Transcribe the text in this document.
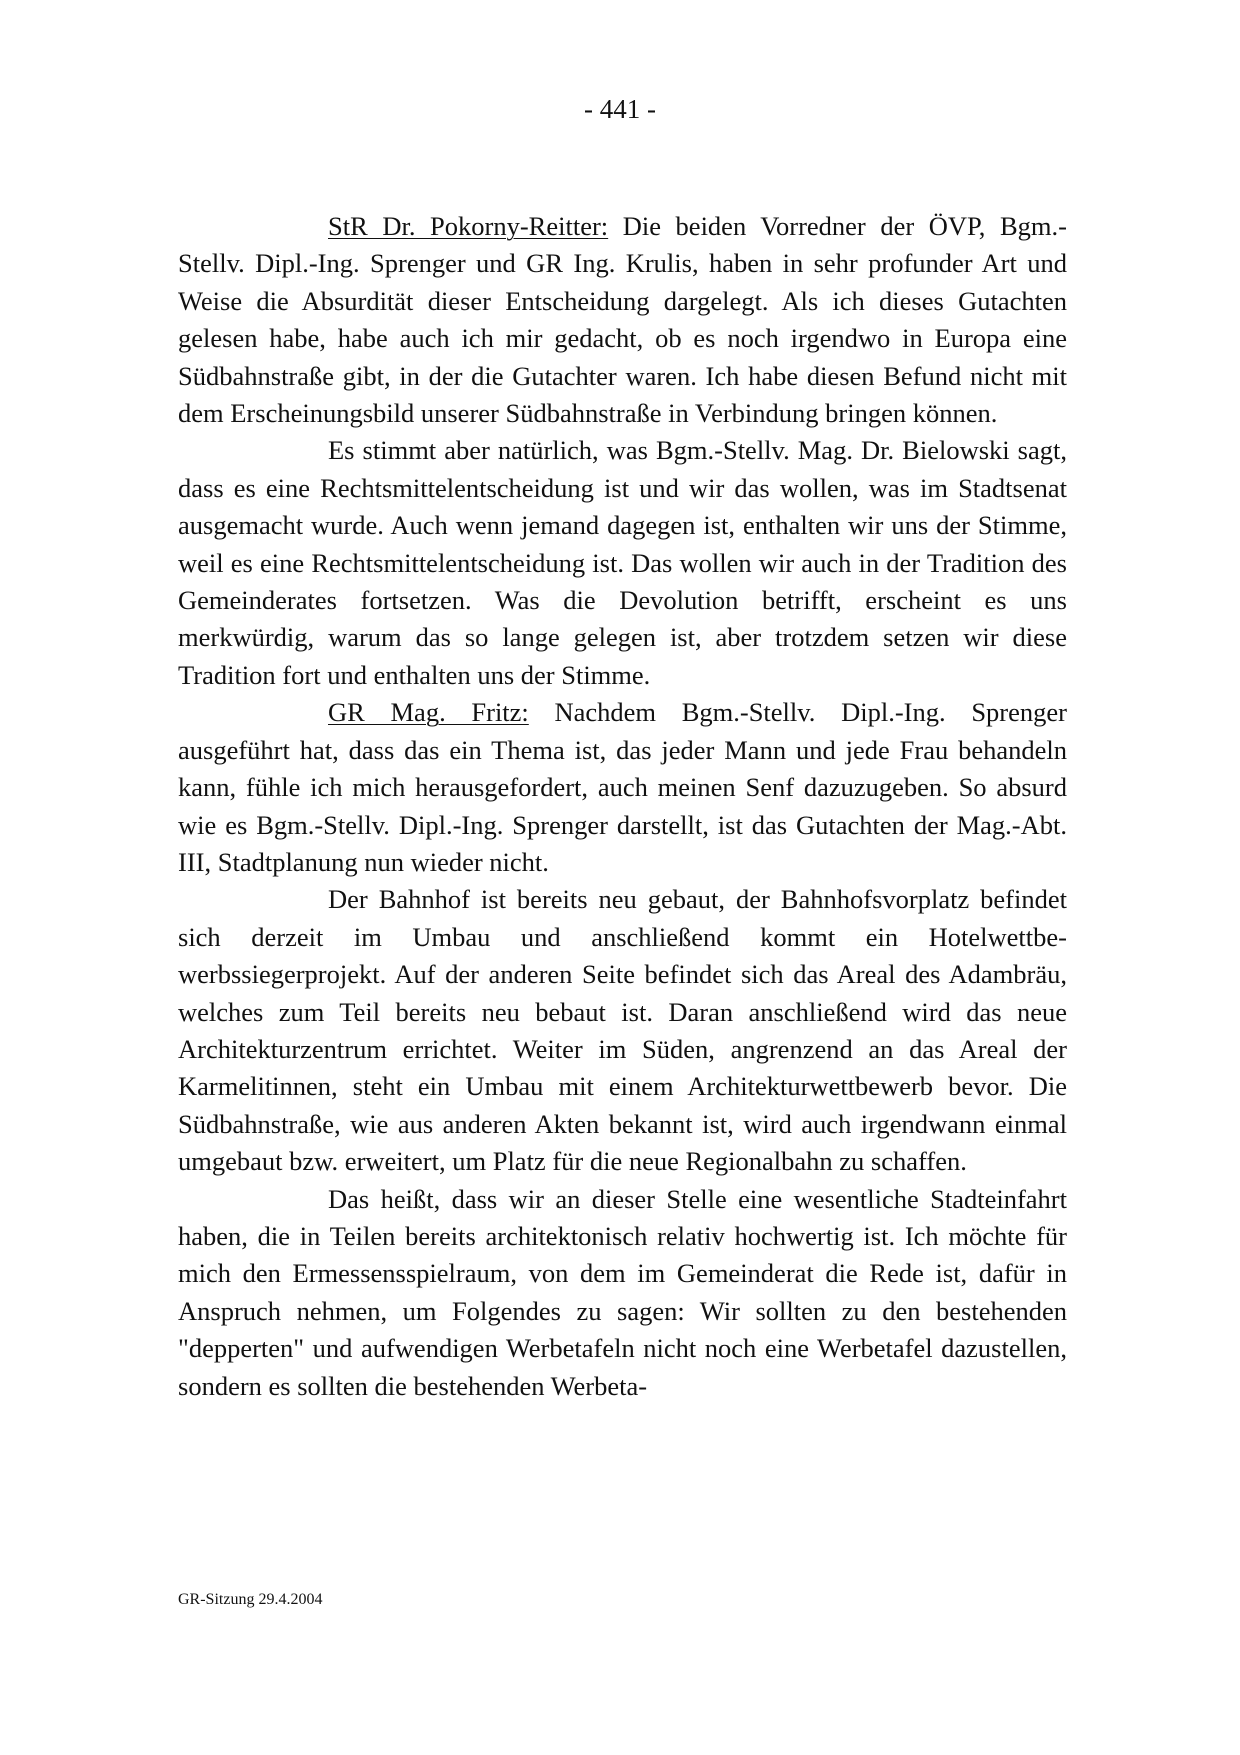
- 441 -

StR Dr. Pokorny-Reitter: Die beiden Vorredner der ÖVP, Bgm.-Stellv. Dipl.-Ing. Sprenger und GR Ing. Krulis, haben in sehr profunder Art und Weise die Absurdität dieser Entscheidung dargelegt. Als ich dieses Gutachten gelesen habe, habe auch ich mir gedacht, ob es noch irgendwo in Europa eine Südbahnstraße gibt, in der die Gutachter waren. Ich habe diesen Befund nicht mit dem Erscheinungsbild unserer Südbahnstraße in Verbindung bringen können.

Es stimmt aber natürlich, was Bgm.-Stellv. Mag. Dr. Bielowski sagt, dass es eine Rechtsmittelentscheidung ist und wir das wollen, was im Stadtsenat ausgemacht wurde. Auch wenn jemand dagegen ist, enthalten wir uns der Stimme, weil es eine Rechtsmittelentscheidung ist. Das wollen wir auch in der Tradition des Gemeinderates fortsetzen. Was die Devolution betrifft, erscheint es uns merkwürdig, warum das so lange gelegen ist, aber trotzdem setzen wir diese Tradition fort und enthalten uns der Stimme.

GR Mag. Fritz: Nachdem Bgm.-Stellv. Dipl.-Ing. Sprenger ausgeführt hat, dass das ein Thema ist, das jeder Mann und jede Frau behandeln kann, fühle ich mich herausgefordert, auch meinen Senf dazuzugeben. So absurd wie es Bgm.-Stellv. Dipl.-Ing. Sprenger darstellt, ist das Gutachten der Mag.-Abt. III, Stadtplanung nun wieder nicht.

Der Bahnhof ist bereits neu gebaut, der Bahnhofsvorplatz befindet sich derzeit im Umbau und anschließend kommt ein Hotelwettbewerbssiegerprojekt. Auf der anderen Seite befindet sich das Areal des Adambräu, welches zum Teil bereits neu bebaut ist. Daran anschließend wird das neue Architekturzentrum errichtet. Weiter im Süden, angrenzend an das Areal der Karmelitinnen, steht ein Umbau mit einem Architekturwettbewerb bevor. Die Südbahnstraße, wie aus anderen Akten bekannt ist, wird auch irgendwann einmal umgebaut bzw. erweitert, um Platz für die neue Regionalbahn zu schaffen.

Das heißt, dass wir an dieser Stelle eine wesentliche Stadteinfahrt haben, die in Teilen bereits architektonisch relativ hochwertig ist. Ich möchte für mich den Ermessensspielraum, von dem im Gemeinderat die Rede ist, dafür in Anspruch nehmen, um Folgendes zu sagen: Wir sollten zu den bestehenden "depperten" und aufwendigen Werbetafeln nicht noch eine Werbetafel dazustellen, sondern es sollten die bestehenden Werbeta-

GR-Sitzung 29.4.2004
